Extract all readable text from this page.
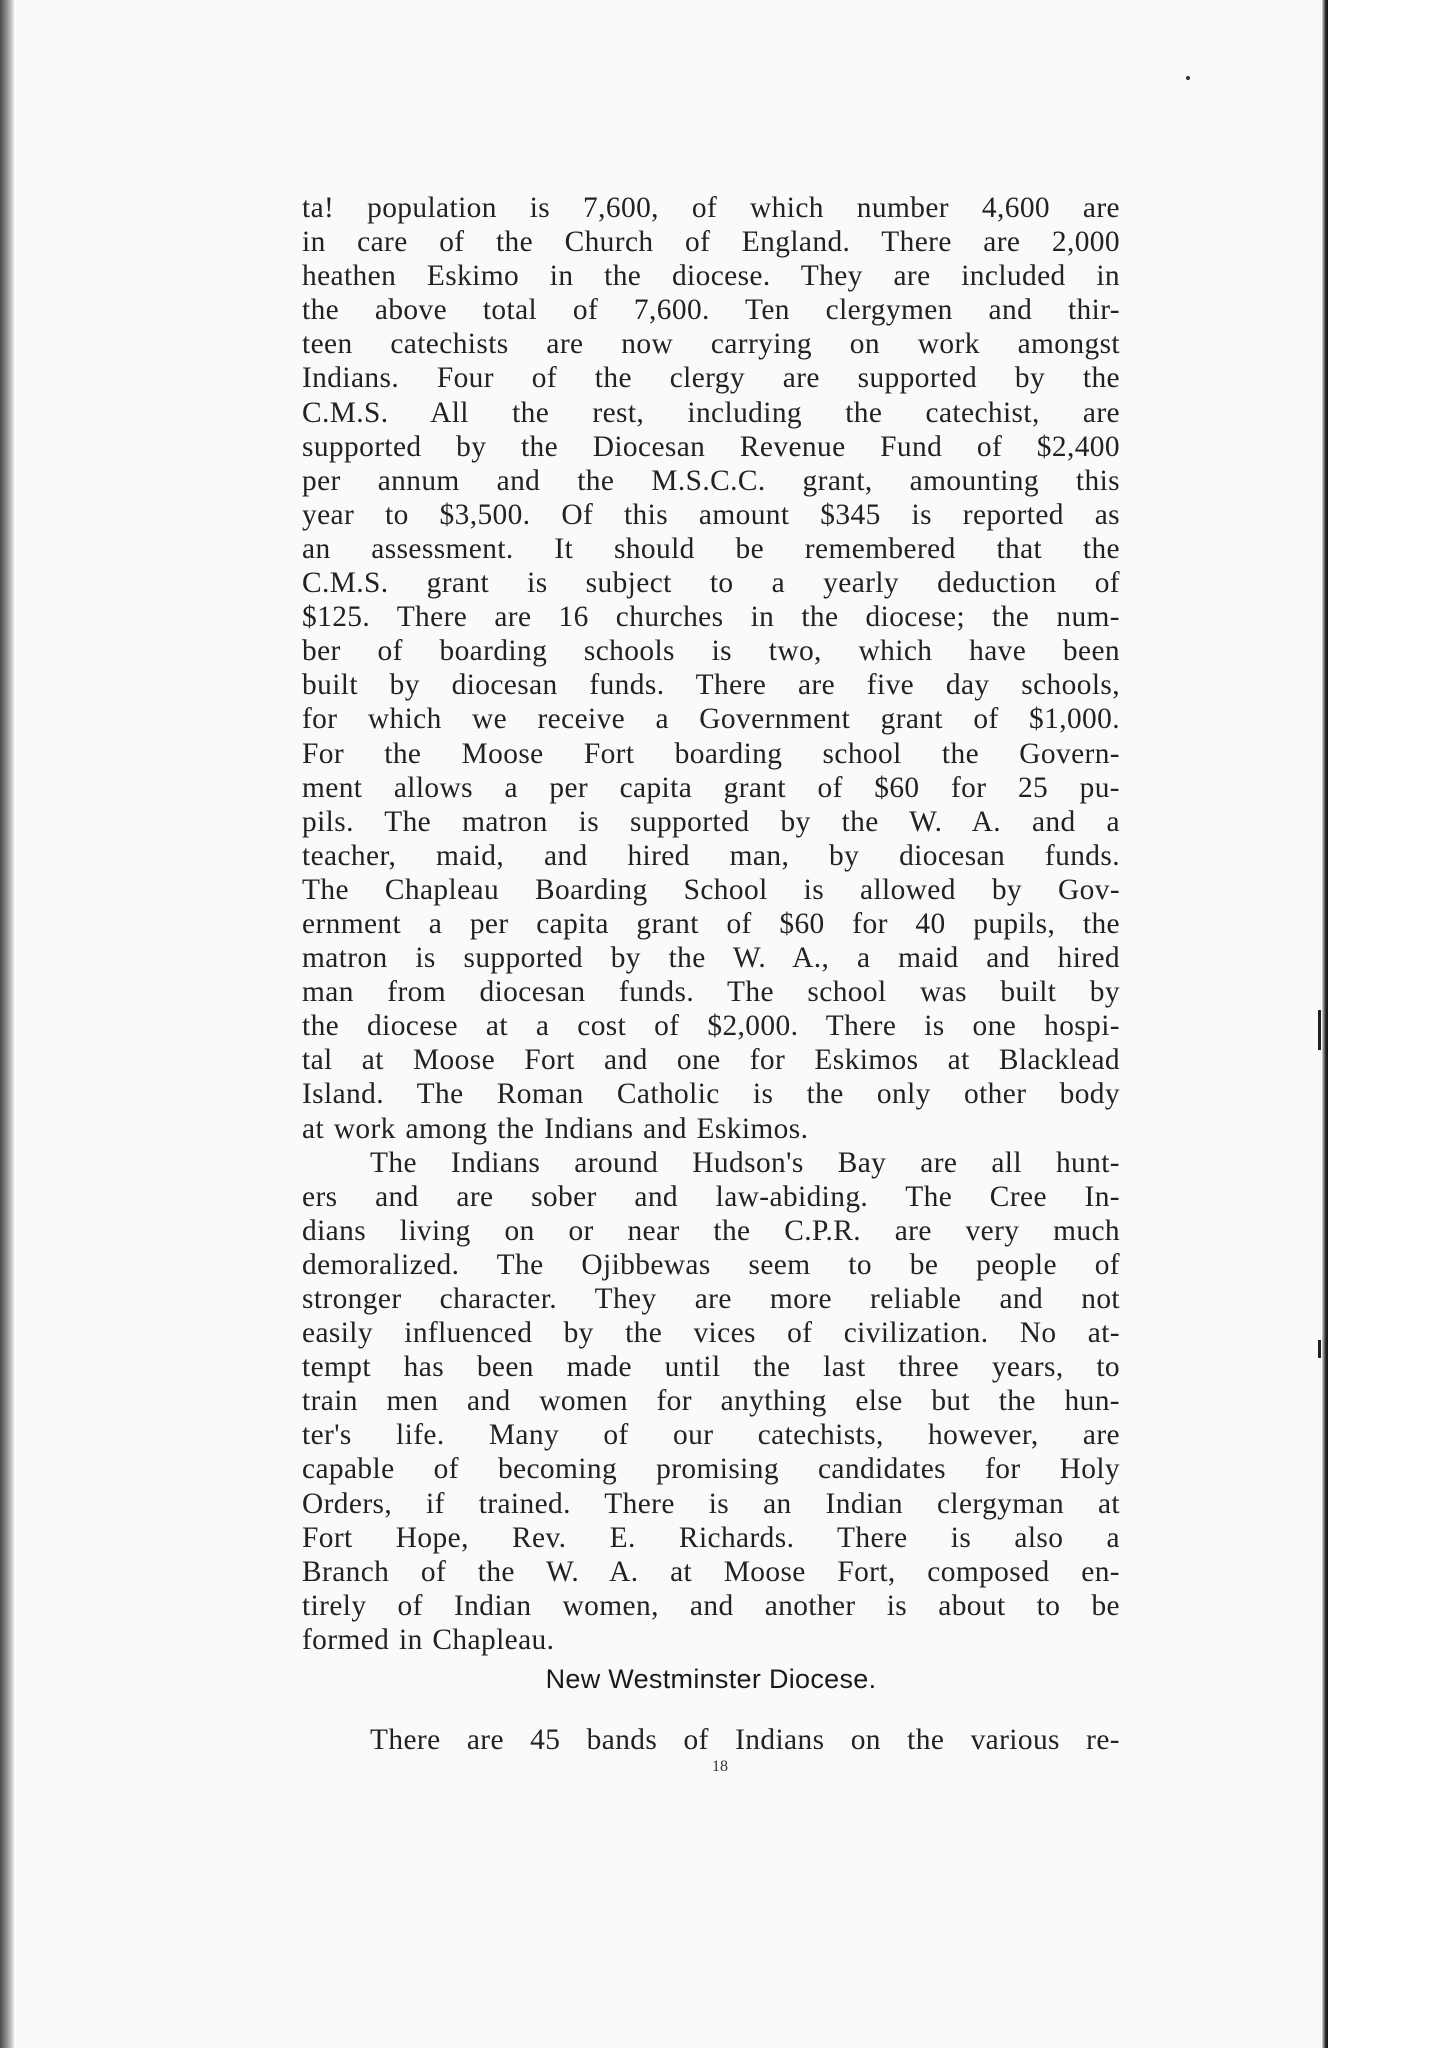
ta! population is 7,600, of which number 4,600 are
in care of the Church of England. There are 2,000
heathen Eskimo in the diocese. They are included in
the above total of 7,600. Ten clergymen and thir-
teen catechists are now carrying on work amongst
Indians. Four of the clergy are supported by the
C.M.S. All the rest, including the catechist, are
supported by the Diocesan Revenue Fund of $2,400
per annum and the M.S.C.C. grant, amounting this
year to $3,500. Of this amount $345 is reported as
an assessment. It should be remembered that the
C.M.S. grant is subject to a yearly deduction of
$125. There are 16 churches in the diocese; the num-
ber of boarding schools is two, which have been
built by diocesan funds. There are five day schools,
for which we receive a Government grant of $1,000.
For the Moose Fort boarding school the Govern-
ment allows a per capita grant of $60 for 25 pu-
pils. The matron is supported by the W. A. and a
teacher, maid, and hired man, by diocesan funds.
The Chapleau Boarding School is allowed by Gov-
ernment a per capita grant of $60 for 40 pupils, the
matron is supported by the W. A., a maid and hired
man from diocesan funds. The school was built by
the diocese at a cost of $2,000. There is one hospi-
tal at Moose Fort and one for Eskimos at Blacklead
Island. The Roman Catholic is the only other body
at work among the Indians and Eskimos.
The Indians around Hudson's Bay are all hunt-
ers and are sober and law-abiding. The Cree In-
dians living on or near the C.P.R. are very much
demoralized. The Ojibbewas seem to be people of
stronger character. They are more reliable and not
easily influenced by the vices of civilization. No at-
tempt has been made until the last three years, to
train men and women for anything else but the hun-
ter's life. Many of our catechists, however, are
capable of becoming promising candidates for Holy
Orders, if trained. There is an Indian clergyman at
Fort Hope, Rev. E. Richards. There is also a
Branch of the W. A. at Moose Fort, composed en-
tirely of Indian women, and another is about to be
formed in Chapleau.
New Westminster Diocese.
There are 45 bands of Indians on the various re-
18
